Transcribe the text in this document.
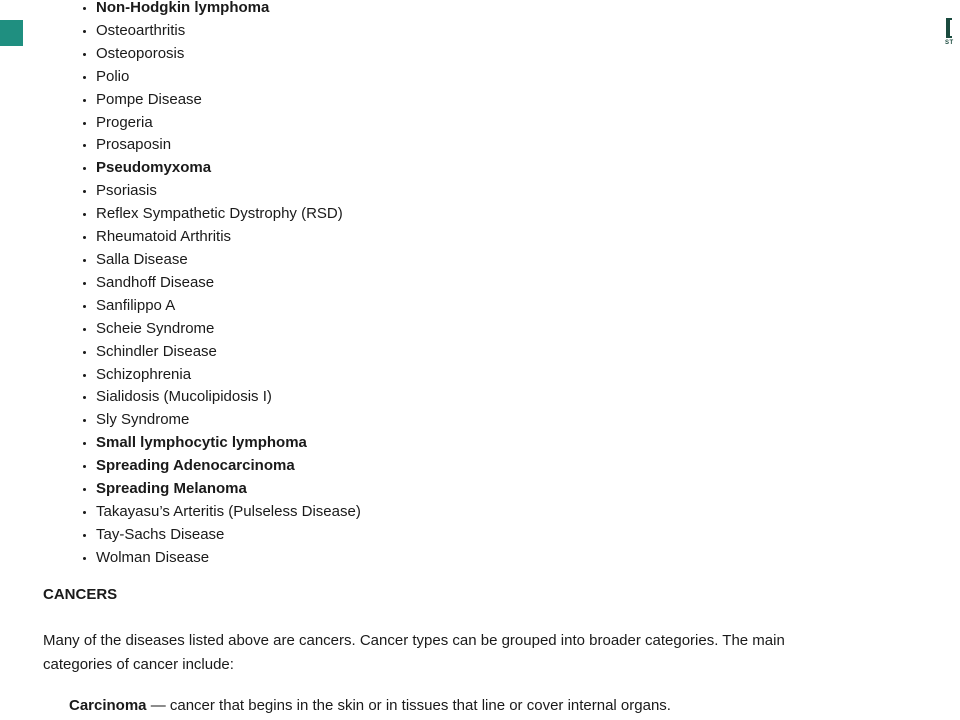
ST
• Non-Hodgkin lymphoma
• Osteoarthritis
• Osteoporosis
• Polio
• Pompe Disease
• Progeria
• Prosaposin
• Pseudomyxoma
• Psoriasis
• Reflex Sympathetic Dystrophy (RSD)
• Rheumatoid Arthritis
• Salla Disease
• Sandhoff Disease
• Sanfilippo A
• Scheie Syndrome
• Schindler Disease
• Schizophrenia
• Sialidosis (Mucolipidosis I)
• Sly Syndrome
• Small lymphocytic lymphoma
• Spreading Adenocarcinoma
• Spreading Melanoma
• Takayasu’s Arteritis (Pulseless Disease)
• Tay-Sachs Disease
• Wolman Disease
CANCERS

Many of the diseases listed above are cancers. Cancer types can be grouped into broader categories. The main categories of cancer include:

Carcinoma — cancer that begins in the skin or in tissues that line or cover internal organs.
